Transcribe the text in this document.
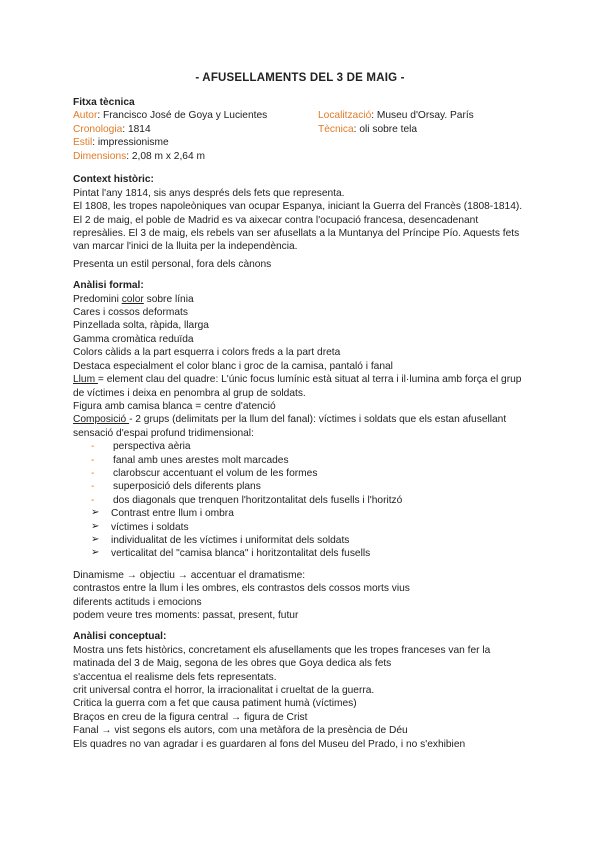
- AFUSELLAMENTS DEL 3 DE MAIG -

Fitxa tècnica

Autor: Francisco José de Goya y Lucientes

Cronologia: 1814

Estil: impressionisme

Dimensions: 2,08 m x 2,64 m

Localització: Museu d'Orsay. París

Tècnica: oli sobre tela

Context històric:

Pintat l'any 1814, sis anys després dels fets que representa.

El 1808, les tropes napoleòniques van ocupar Espanya, iniciant la Guerra del Francès (1808-1814). El 2 de maig, el poble de Madrid es va aixecar contra l'ocupació francesa, desencadenant represàlies. El 3 de maig, els rebels van ser afusellats a la Muntanya del Príncipe Pío. Aquests fets van marcar l'inici de la lluita per la independència.

Presenta un estil personal, fora dels cànons

Anàlisi formal:

Predomini color sobre línia

Cares i cossos deformats

Pinzellada solta, ràpida, llarga

Gamma cromàtica reduïda

Colors càlids a la part esquerra i colors freds a la part dreta

Destaca especialment el color blanc i groc de la camisa, pantaló i fanal

Llum = element clau del quadre: L'únic focus lumínic està situat al terra i il·lumina amb força el grup de víctimes i deixa en penombra al grup de soldats.

Figura amb camisa blanca = centre d'atenció

Composició - 2 grups (delimitats per la llum del fanal): víctimes i soldats que els estan afusellant sensació d'espai profund tridimensional:

- perspectiva aèria
- fanal amb unes arestes molt marcades
- clarobscur accentuant el volum de les formes
- superposició dels diferents plans
- dos diagonals que trenquen l'horitzontalitat dels fusells i l'horitzó
➢ Contrast entre llum i ombra
➢ víctimes i soldats
➢ individualitat de les víctimes i uniformitat dels soldats
➢ verticalitat del "camisa blanca" i horitzontalitat dels fusells

Dinamisme → objectiu → accentuar el dramatisme:

contrastos entre la llum i les ombres, els contrastos dels cossos morts vius

diferents actituds i emocions

podem veure tres moments: passat, present, futur

Anàlisi conceptual:

Mostra uns fets històrics, concretament els afusellaments que les tropes franceses van fer la

matinada del 3 de Maig, segona de les obres que Goya dedica als fets

s'accentua el realisme dels fets representats.

crit universal contra el horror, la irracionalitat i crueltat de la guerra.

Critica la guerra com a fet que causa patiment humà (víctimes)

Braços en creu de la figura central → figura de Crist

Fanal → vist segons els autors, com una metàfora de la presència de Déu

Els quadres no van agradar i es guardaren al fons del Museu del Prado, i no s'exhibien
